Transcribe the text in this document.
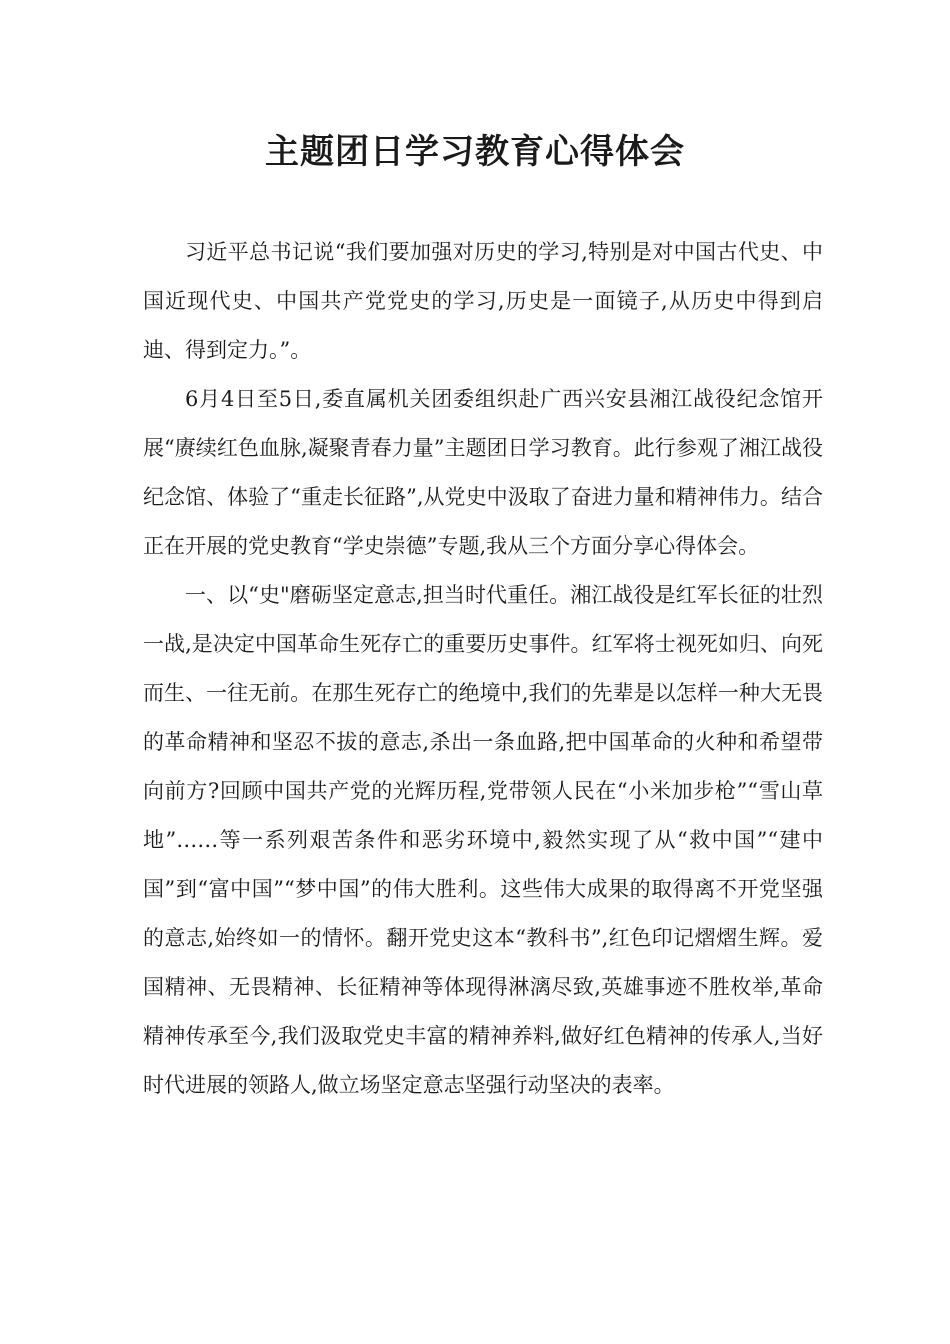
主题团日学习教育心得体会

习近平总书记说“我们要加强对历史的学习,特别是对中国古代史、中国近现代史、中国共产党党史的学习,历史是一面镜子,从历史中得到启迪、得到定力。”。

6月4日至5日,委直属机关团委组织赴广西兴安县湘江战役纪念馆开展“赓续红色血脉,凝聚青春力量”主题团日学习教育。此行参观了湘江战役纪念馆、体验了“重走长征路”,从党史中汲取了奋进力量和精神伟力。结合正在开展的党史教育“学史崇德”专题,我从三个方面分享心得体会。

一、以“史"磨砺坚定意志,担当时代重任。湘江战役是红军长征的壮烈一战,是决定中国革命生死存亡的重要历史事件。红军将士视死如归、向死而生、一往无前。在那生死存亡的绝境中,我们的先辈是以怎样一种大无畏的革命精神和坚忍不拔的意志,杀出一条血路,把中国革命的火种和希望带向前方?回顾中国共产党的光辉历程,党带领人民在“小米加步枪”“雪山草地”……等一系列艰苦条件和恶劣环境中,毅然实现了从“救中国”“建中国”到“富中国”“梦中国”的伟大胜利。这些伟大成果的取得离不开党坚强的意志,始终如一的情怀。翻开党史这本“教科书”,红色印记熠熠生辉。爱国精神、无畏精神、长征精神等体现得淋漓尽致,英雄事迹不胜枚举,革命精神传承至今,我们汲取党史丰富的精神养料,做好红色精神的传承人,当好时代进展的领路人,做立场坚定意志坚强行动坚决的表率。
